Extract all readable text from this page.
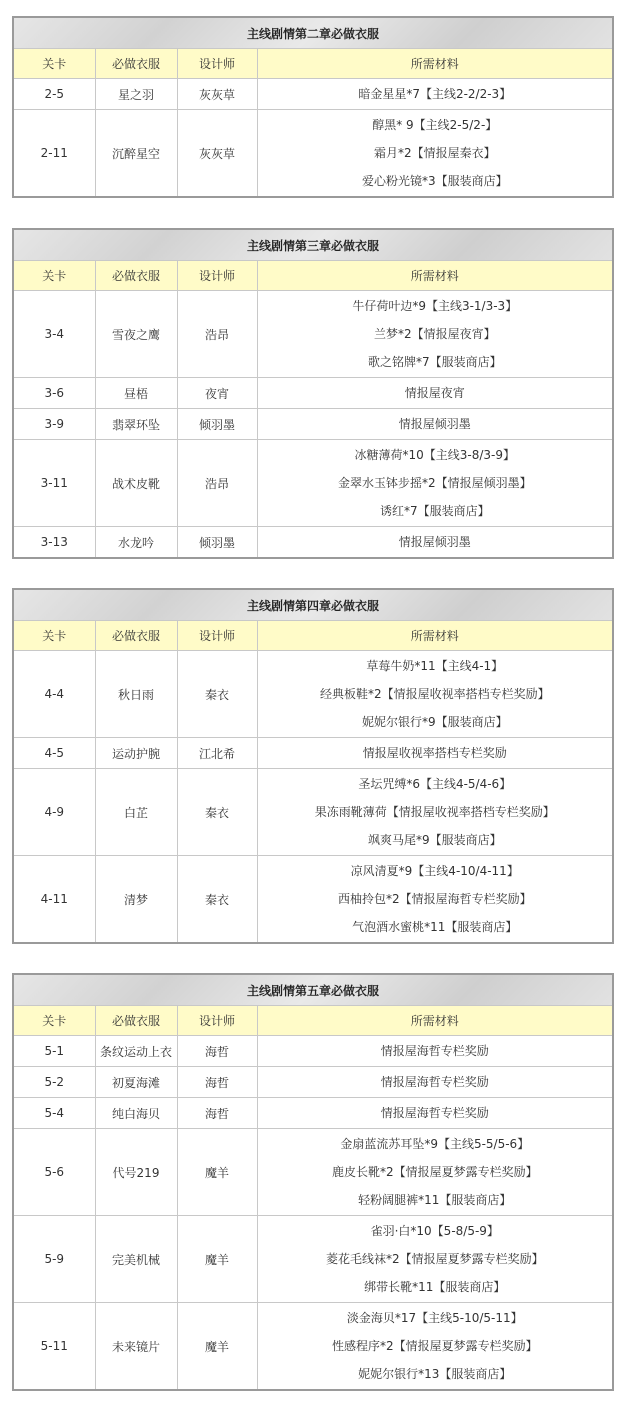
主线剧情第二章必做衣服			
关卡	必做衣服	设计师	所需材料
2-5	星之羽	灰灰草	暗金星星*7【主线2-2/2-3】

2-11	沉醉星空	灰灰草	醇黑* 9【主线2-5/2-】
霜月*2【情报屋秦衣】
爱心粉光镜*3【服装商店】
主线剧情第三章必做衣服			
关卡	必做衣服	设计师	所需材料
3-4	雪夜之鹰	浩昂	牛仔荷叶边*9【主线3-1/3-3】
兰梦*2【情报屋夜宵】
歌之铭牌*7【服装商店】

3-6	昼梧	夜宵	情报屋夜宵

3-9	翡翠环坠	倾羽墨	情报屋倾羽墨

3-11	战术皮靴	浩昂	冰糖薄荷*10【主线3-8/3-9】
金翠水玉钵步摇*2【情报屋倾羽墨】
诱红*7【服装商店】

3-13	水龙吟	倾羽墨	情报屋倾羽墨
主线剧情第四章必做衣服			
关卡	必做衣服	设计师	所需材料
4-4	秋日雨	秦衣	草莓牛奶*11【主线4-1】
经典板鞋*2【情报屋收视率搭档专栏奖励】
妮妮尔银行*9【服装商店】

4-5	运动护腕	江北希	情报屋收视率搭档专栏奖励

4-9	白芷	秦衣	圣坛咒缚*6【主线4-5/4-6】
果冻雨靴薄荷【情报屋收视率搭档专栏奖励】
飒爽马尾*9【服装商店】

4-11	清梦	秦衣	凉风清夏*9【主线4-10/4-11】
西柚拎包*2【情报屋海哲专栏奖励】
气泡酒水蜜桃*11【服装商店】
主线剧情第五章必做衣服			
关卡	必做衣服	设计师	所需材料
5-1	条纹运动上衣	海哲	情报屋海哲专栏奖励

5-2	初夏海滩	海哲	情报屋海哲专栏奖励

5-4	纯白海贝	海哲	情报屋海哲专栏奖励

5-6	代号219	魔羊	金扇蓝流苏耳坠*9【主线5-5/5-6】
鹿皮长靴*2【情报屋夏梦露专栏奖励】
轻粉阔腿裤*11【服装商店】

5-9	完美机械	魔羊	雀羽·白*10【5-8/5-9】
菱花毛线袜*2【情报屋夏梦露专栏奖励】
绑带长靴*11【服装商店】

5-11	未来镜片	魔羊	淡金海贝*17【主线5-10/5-11】
性感程序*2【情报屋夏梦露专栏奖励】
妮妮尔银行*13【服装商店】
